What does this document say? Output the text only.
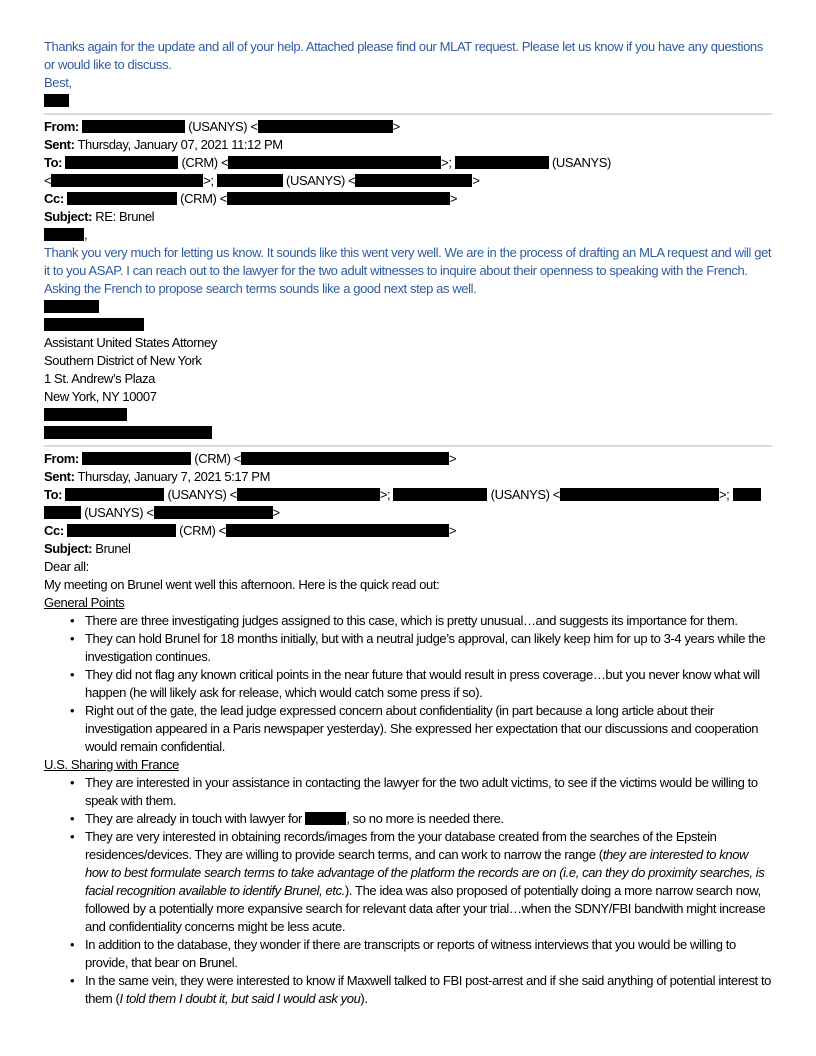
Thanks again for the update and all of your help. Attached please find our MLAT request. Please let us know if you have any questions or would like to discuss.
Best,
From:	(USANYS) <	>
Sent: Thursday, January 07, 2021 11:12 PM
To:	(CRM) <	>;	(USANYS)
<	>;	(USANYS) <	>
Cc:	(CRM) <	>
Subject: RE: Brunel
,
Thank you very much for letting us know. It sounds like this went very well. We are in the process of drafting an MLA request and will get it to you ASAP. I can reach out to the lawyer for the two adult witnesses to inquire about their openness to speaking with the French. Asking the French to propose search terms sounds like a good next step as well.
Assistant United States Attorney
Southern District of New York
1 St. Andrew’s Plaza
New York, NY 10007
From:	(CRM) <	>
Sent: Thursday, January 7, 2021 5:17 PM
To:	(USANYS) <	>;	(USANYS) <	>;
(USANYS) <	>
Cc:	(CRM) <	>
Subject: Brunel
Dear all:
My meeting on Brunel went well this afternoon. Here is the quick read out:
General Points
• There are three investigating judges assigned to this case, which is pretty unusual…and suggests its importance for them.
• They can hold Brunel for 18 months initially, but with a neutral judge’s approval, can likely keep him for up to 3-4 years while the investigation continues.
• They did not flag any known critical points in the near future that would result in press coverage…but you never know what will happen (he will likely ask for release, which would catch some press if so).
• Right out of the gate, the lead judge expressed concern about confidentiality (in part because a long article about their investigation appeared in a Paris newspaper yesterday). She expressed her expectation that our discussions and cooperation would remain confidential.
U.S. Sharing with France
• They are interested in your assistance in contacting the lawyer for the two adult victims, to see if the victims would be willing to speak with them.
• They are already in touch with lawyer for	, so no more is needed there.
• They are very interested in obtaining records/images from the your database created from the searches of the Epstein residences/devices. They are willing to provide search terms, and can work to narrow the range (they are interested to know how to best formulate search terms to take advantage of the platform the records are on (i.e, can they do proximity searches, is facial recognition available to identify Brunel, etc.). The idea was also proposed of potentially doing a more narrow search now, followed by a potentially more expansive search for relevant data after your trial…when the SDNY/FBI bandwith might increase and confidentiality concerns might be less acute.
• In addition to the database, they wonder if there are transcripts or reports of witness interviews that you would be willing to provide, that bear on Brunel.
• In the same vein, they were interested to know if Maxwell talked to FBI post-arrest and if she said anything of potential interest to them (I told them I doubt it, but said I would ask you).
